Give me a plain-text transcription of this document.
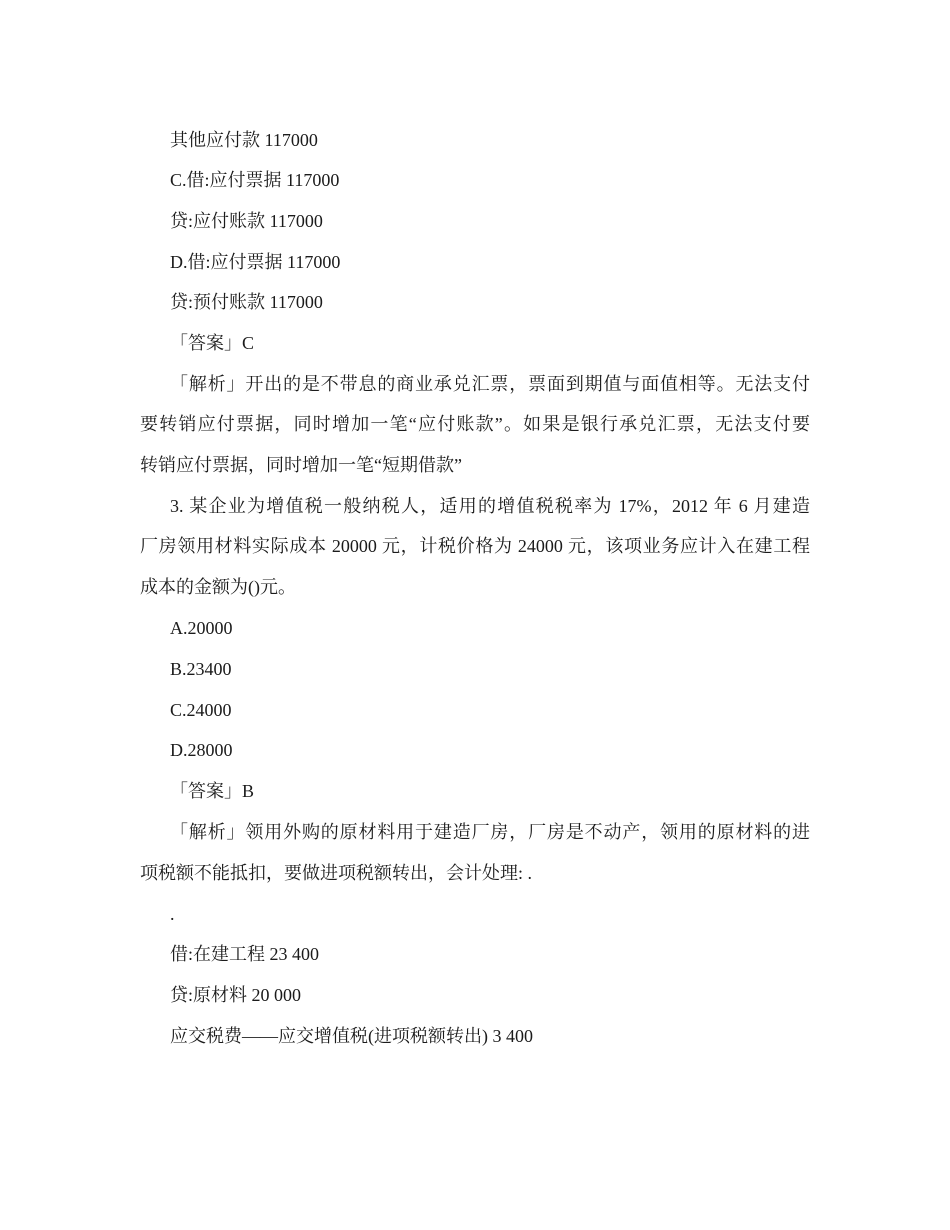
其他应付款 117000
C.借:应付票据 117000
贷:应付账款 117000
D.借:应付票据 117000
贷:预付账款 117000
「答案」C
「解析」开出的是不带息的商业承兑汇票，票面到期值与面值相等。无法支付
要转销应付票据，同时增加一笔“应付账款”。如果是银行承兑汇票，无法支付要
转销应付票据，同时增加一笔“短期借款”
3. 某企业为增值税一般纳税人，适用的增值税税率为 17%，2012 年 6 月建造
厂房领用材料实际成本 20000 元，计税价格为 24000 元，该项业务应计入在建工程
成本的金额为()元。
A.20000
B.23400
C.24000
D.28000
「答案」B
「解析」领用外购的原材料用于建造厂房，厂房是不动产，领用的原材料的进
项税额不能抵扣，要做进项税额转出，会计处理: .
.
借:在建工程 23 400
贷:原材料 20 000
应交税费——应交增值税(进项税额转出) 3 400
